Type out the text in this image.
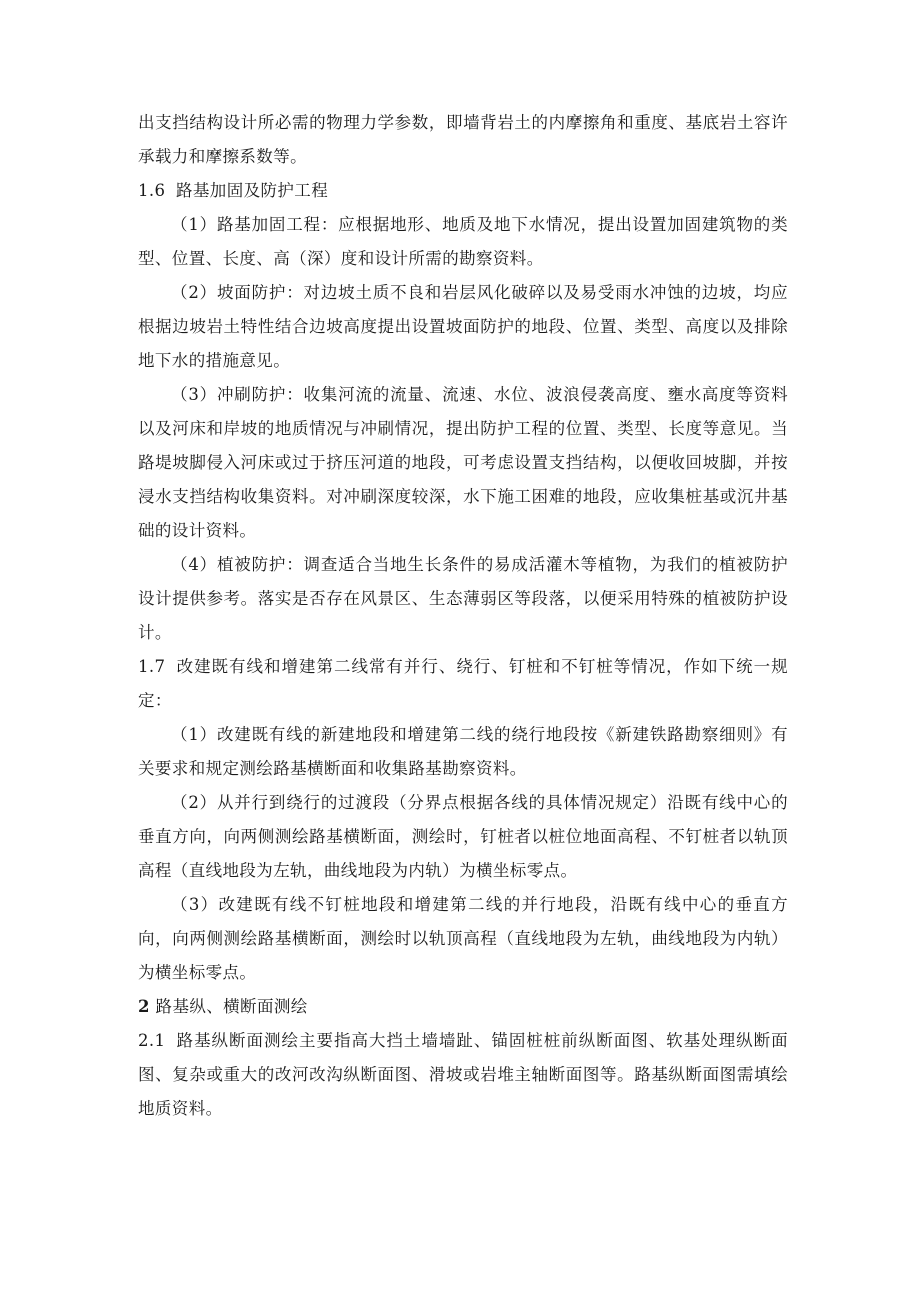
出支挡结构设计所必需的物理力学参数，即墙背岩土的内摩擦角和重度、基底岩土容许承载力和摩擦系数等。

1.6 路基加固及防护工程

（1）路基加固工程：应根据地形、地质及地下水情况，提出设置加固建筑物的类型、位置、长度、高（深）度和设计所需的勘察资料。

（2）坡面防护：对边坡土质不良和岩层风化破碎以及易受雨水冲蚀的边坡，均应根据边坡岩土特性结合边坡高度提出设置坡面防护的地段、位置、类型、高度以及排除地下水的措施意见。

（3）冲刷防护：收集河流的流量、流速、水位、波浪侵袭高度、壅水高度等资料以及河床和岸坡的地质情况与冲刷情况，提出防护工程的位置、类型、长度等意见。当路堤坡脚侵入河床或过于挤压河道的地段，可考虑设置支挡结构，以便收回坡脚，并按浸水支挡结构收集资料。对冲刷深度较深，水下施工困难的地段，应收集桩基或沉井基础的设计资料。

（4）植被防护：调查适合当地生长条件的易成活灌木等植物，为我们的植被防护设计提供参考。落实是否存在风景区、生态薄弱区等段落，以便采用特殊的植被防护设计。

1.7 改建既有线和增建第二线常有并行、绕行、钉桩和不钉桩等情况，作如下统一规定：

（1）改建既有线的新建地段和增建第二线的绕行地段按《新建铁路勘察细则》有关要求和规定测绘路基横断面和收集路基勘察资料。

（2）从并行到绕行的过渡段（分界点根据各线的具体情况规定）沿既有线中心的垂直方向，向两侧测绘路基横断面，测绘时，钉桩者以桩位地面高程、不钉桩者以轨顶高程（直线地段为左轨，曲线地段为内轨）为横坐标零点。

（3）改建既有线不钉桩地段和增建第二线的并行地段，沿既有线中心的垂直方向，向两侧测绘路基横断面，测绘时以轨顶高程（直线地段为左轨，曲线地段为内轨）为横坐标零点。

2 路基纵、横断面测绘

2.1 路基纵断面测绘主要指高大挡土墙墙趾、锚固桩桩前纵断面图、软基处理纵断面图、复杂或重大的改河改沟纵断面图、滑坡或岩堆主轴断面图等。路基纵断面图需填绘地质资料。
